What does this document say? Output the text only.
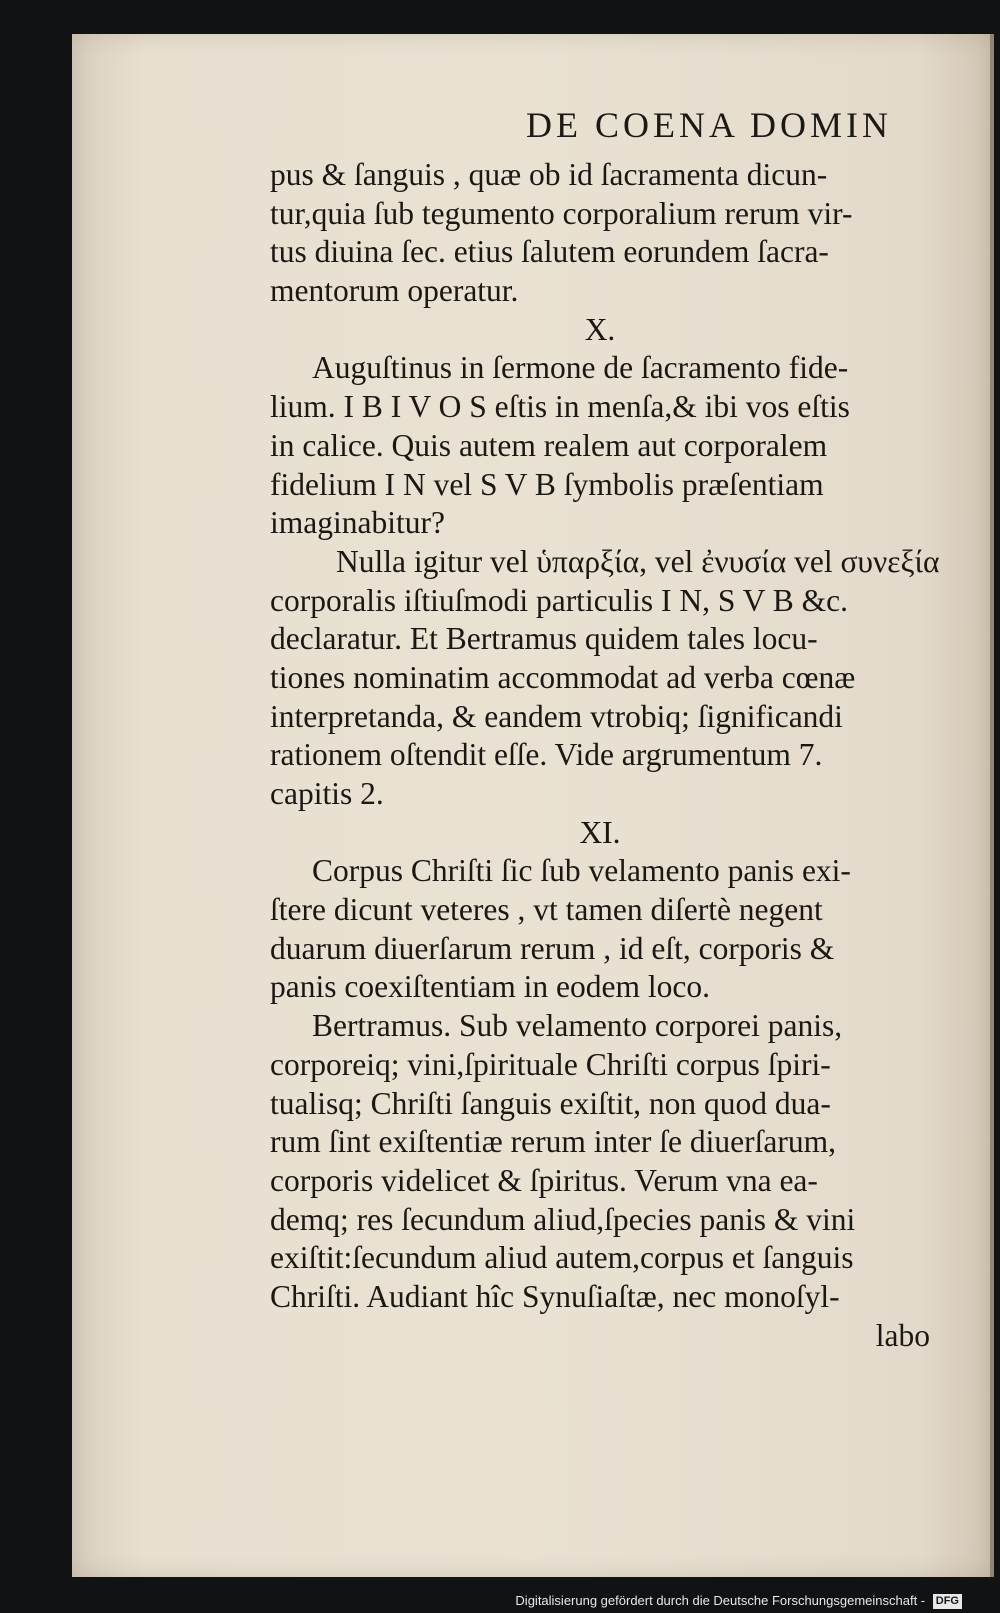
DE COENA DOMIN
pus & ſanguis , quæ ob id ſacramenta dicun-
tur,quia ſub tegumento corporalium rerum vir-
tus diuina ſec. etius ſalutem eorundem ſacra-
mentorum operatur.
X.
Auguſtinus in ſermone de ſacramento fide-
lium. I B I V O S eſtis in menſa,& ibi vos eſtis
in calice. Quis autem realem aut corporalem
fidelium I N vel S V B ſymbolis præſentiam
imaginabitur?
Nulla igitur vel ὑπαρξία, vel ἐνυσία vel συνεξία
corporalis iſtiuſmodi particulis I N, S V B &c.
declaratur. Et Bertramus quidem tales locu-
tiones nominatim accommodat ad verba cœnæ
interpretanda, & eandem vtrobiq; ſignificandi
rationem oſtendit eſſe. Vide argrumentum 7.
capitis 2.
XI.
Corpus Chriſti ſic ſub velamento panis exi-
ſtere dicunt veteres , vt tamen diſertè negent
duarum diuerſarum rerum , id eſt, corporis &
panis coexiſtentiam in eodem loco.
Bertramus. Sub velamento corporei panis,
corporeiq; vini,ſpirituale Chriſti corpus ſpiri-
tualisq; Chriſti ſanguis exiſtit, non quod dua-
rum ſint exiſtentiæ rerum inter ſe diuerſarum,
corporis videlicet & ſpiritus. Verum vna ea-
demq; res ſecundum aliud,ſpecies panis & vini
exiſtit:ſecundum aliud autem,corpus et ſanguis
Chriſti. Audiant hîc Synuſiaſtæ, nec monoſyl-
labo
Digitalisierung gefördert durch die Deutsche Forschungsgemeinschaft - DFG
